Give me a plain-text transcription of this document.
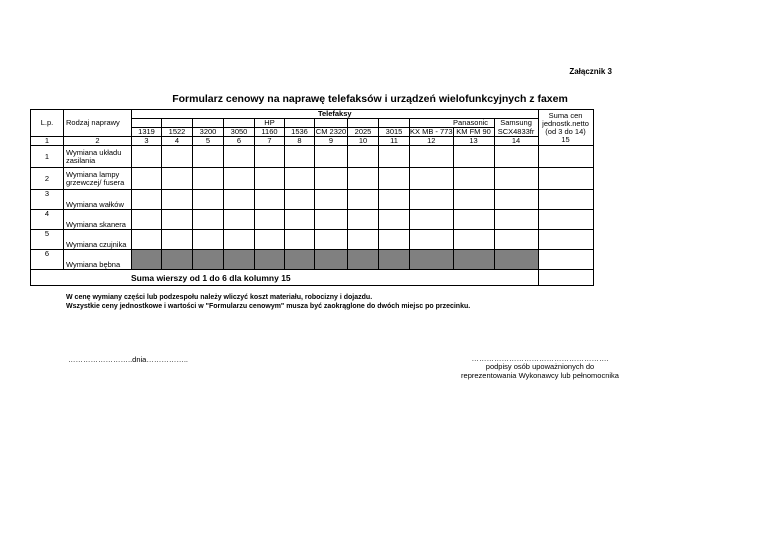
Załącznik 3
Formularz cenowy na naprawę telefaksów i urządzeń wielofunkcyjnych z faxem
L.p.	Rodzaj naprawy	Telefaksy												Suma cen jednostk.netto (od 3 do 14)
15

						HP						Panasonic	Samsung	
		1319	1522	3200	3050	1160	1536	CM 2320	2025	3015	KX MB - 773	KM FM 90	SCX4833fr	
1	2	3	4	5	6	7	8	9	10	11	12	13	14	
1	Wymiana układu zasilania													
2	Wymiana lampy grzewczej/ fusera													
3	Wymiana wałków													
4	Wymiana skanera													
5	Wymiana czujnika													
6	Wymiana bębna													
Suma wierszy od 1 do 6 dla kolumny 15														
W cenę wymiany części lub podzespołu należy wliczyć koszt materiału, robocizny i dojazdu.
Wszystkie ceny jednostkowe i wartości w "Formularzu cenowym" musza być zaokrąglone do dwóch miejsc po przecinku.
……………………..dnia……………..	……………………………………………….
podpisy osób upoważnionych do
reprezentowania Wykonawcy lub pełnomocnika
